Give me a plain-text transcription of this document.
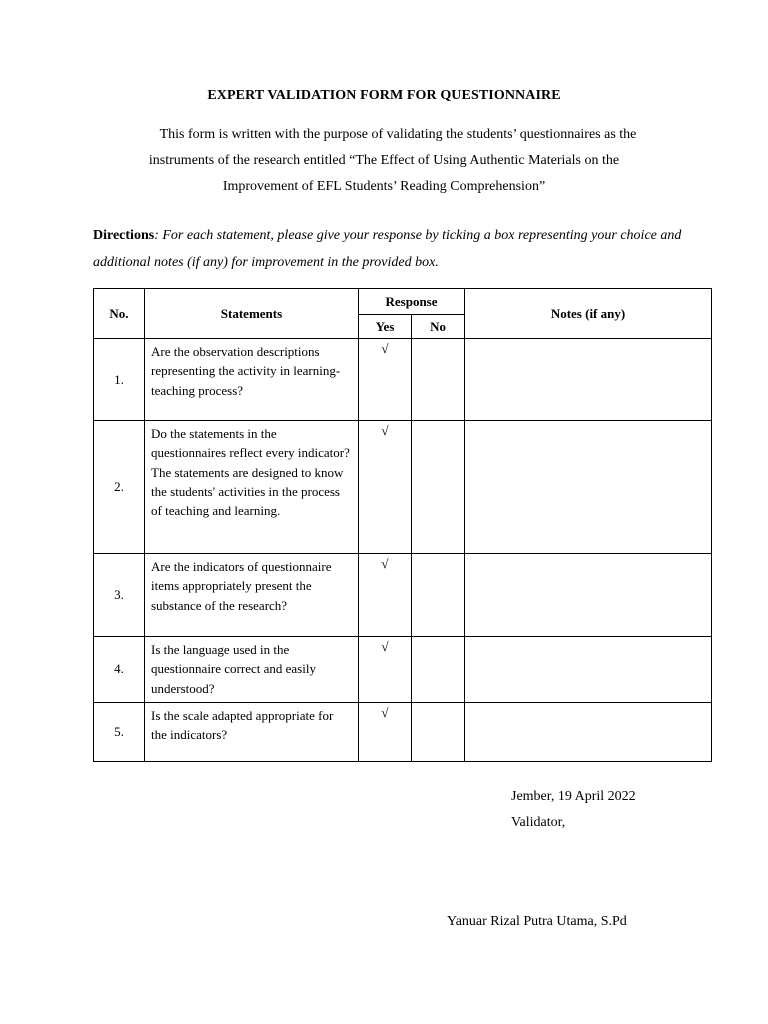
EXPERT VALIDATION FORM FOR QUESTIONNAIRE
This form is written with the purpose of validating the students’ questionnaires as the
instruments of the research entitled “The Effect of Using Authentic Materials on the
Improvement of EFL Students’ Reading Comprehension”
Directions: For each statement, please give your response by ticking a box representing your choice and additional notes (if any) for improvement in the provided box.
No.	Statements	Response		Notes (if any)
		Yes	No	
1.	Are the observation descriptions representing the activity in learning-teaching process?	√		
2.	Do the statements in the questionnaires reflect every indicator? The statements are designed to know the students' activities in the process of teaching and learning.	√		
3.	Are the indicators of questionnaire items appropriately present the substance of the research?	√		
4.	Is the language used in the questionnaire correct and easily understood?	√		
5.	Is the scale adapted appropriate for the indicators?	√		
Jember, 19 April 2022
Validator,
Yanuar Rizal Putra Utama, S.Pd
